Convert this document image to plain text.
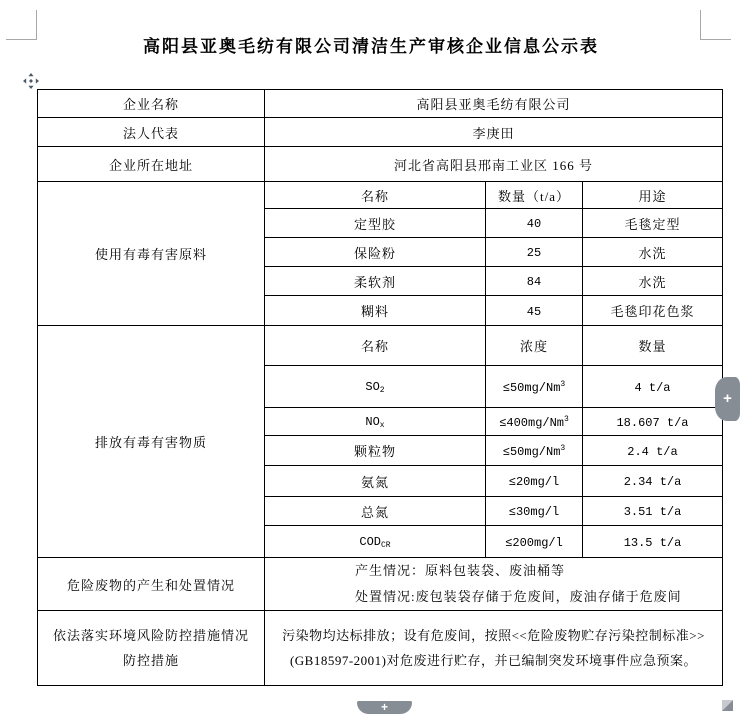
高阳县亚奥毛纺有限公司清洁生产审核企业信息公示表
企业名称	高阳县亚奥毛纺有限公司		
法人代表	李庚田		
企业所在地址	河北省高阳县邢南工业区 166 号		
使用有毒有害原料	名称	数量（t/a）	用途
	定型胶	40	毛毯定型
	保险粉	25	水洗
	柔软剂	84	水洗
	糊料	45	毛毯印花色浆
排放有毒有害物质	名称	浓度	数量
	$SO_2$	$\le 50mg/Nm^3$	4 t/a
	$NO_x$	$\le 400mg/Nm^3$	18.607 t/a
	颗粒物	$\le 50mg/Nm^3$	2.4 t/a
	氨氮	≤20mg/l	2.34 t/a
	总氮	≤30mg/l	3.51 t/a
	$COD_{CR}$	≤200mg/l	13.5 t/a
危险废物的产生和处置情况	产生情况：原料包装袋、废油桶等
处置情况:废包装袋存储于危废间，废油存储于危废间		

依法落实环境风险防控措施情况
防控措施	污染物均达标排放；设有危废间，按照<<危险废物贮存污染控制标准>>(GB18597-2001)对危废进行贮存，并已编制突发环境事件应急预案。		
+
+
